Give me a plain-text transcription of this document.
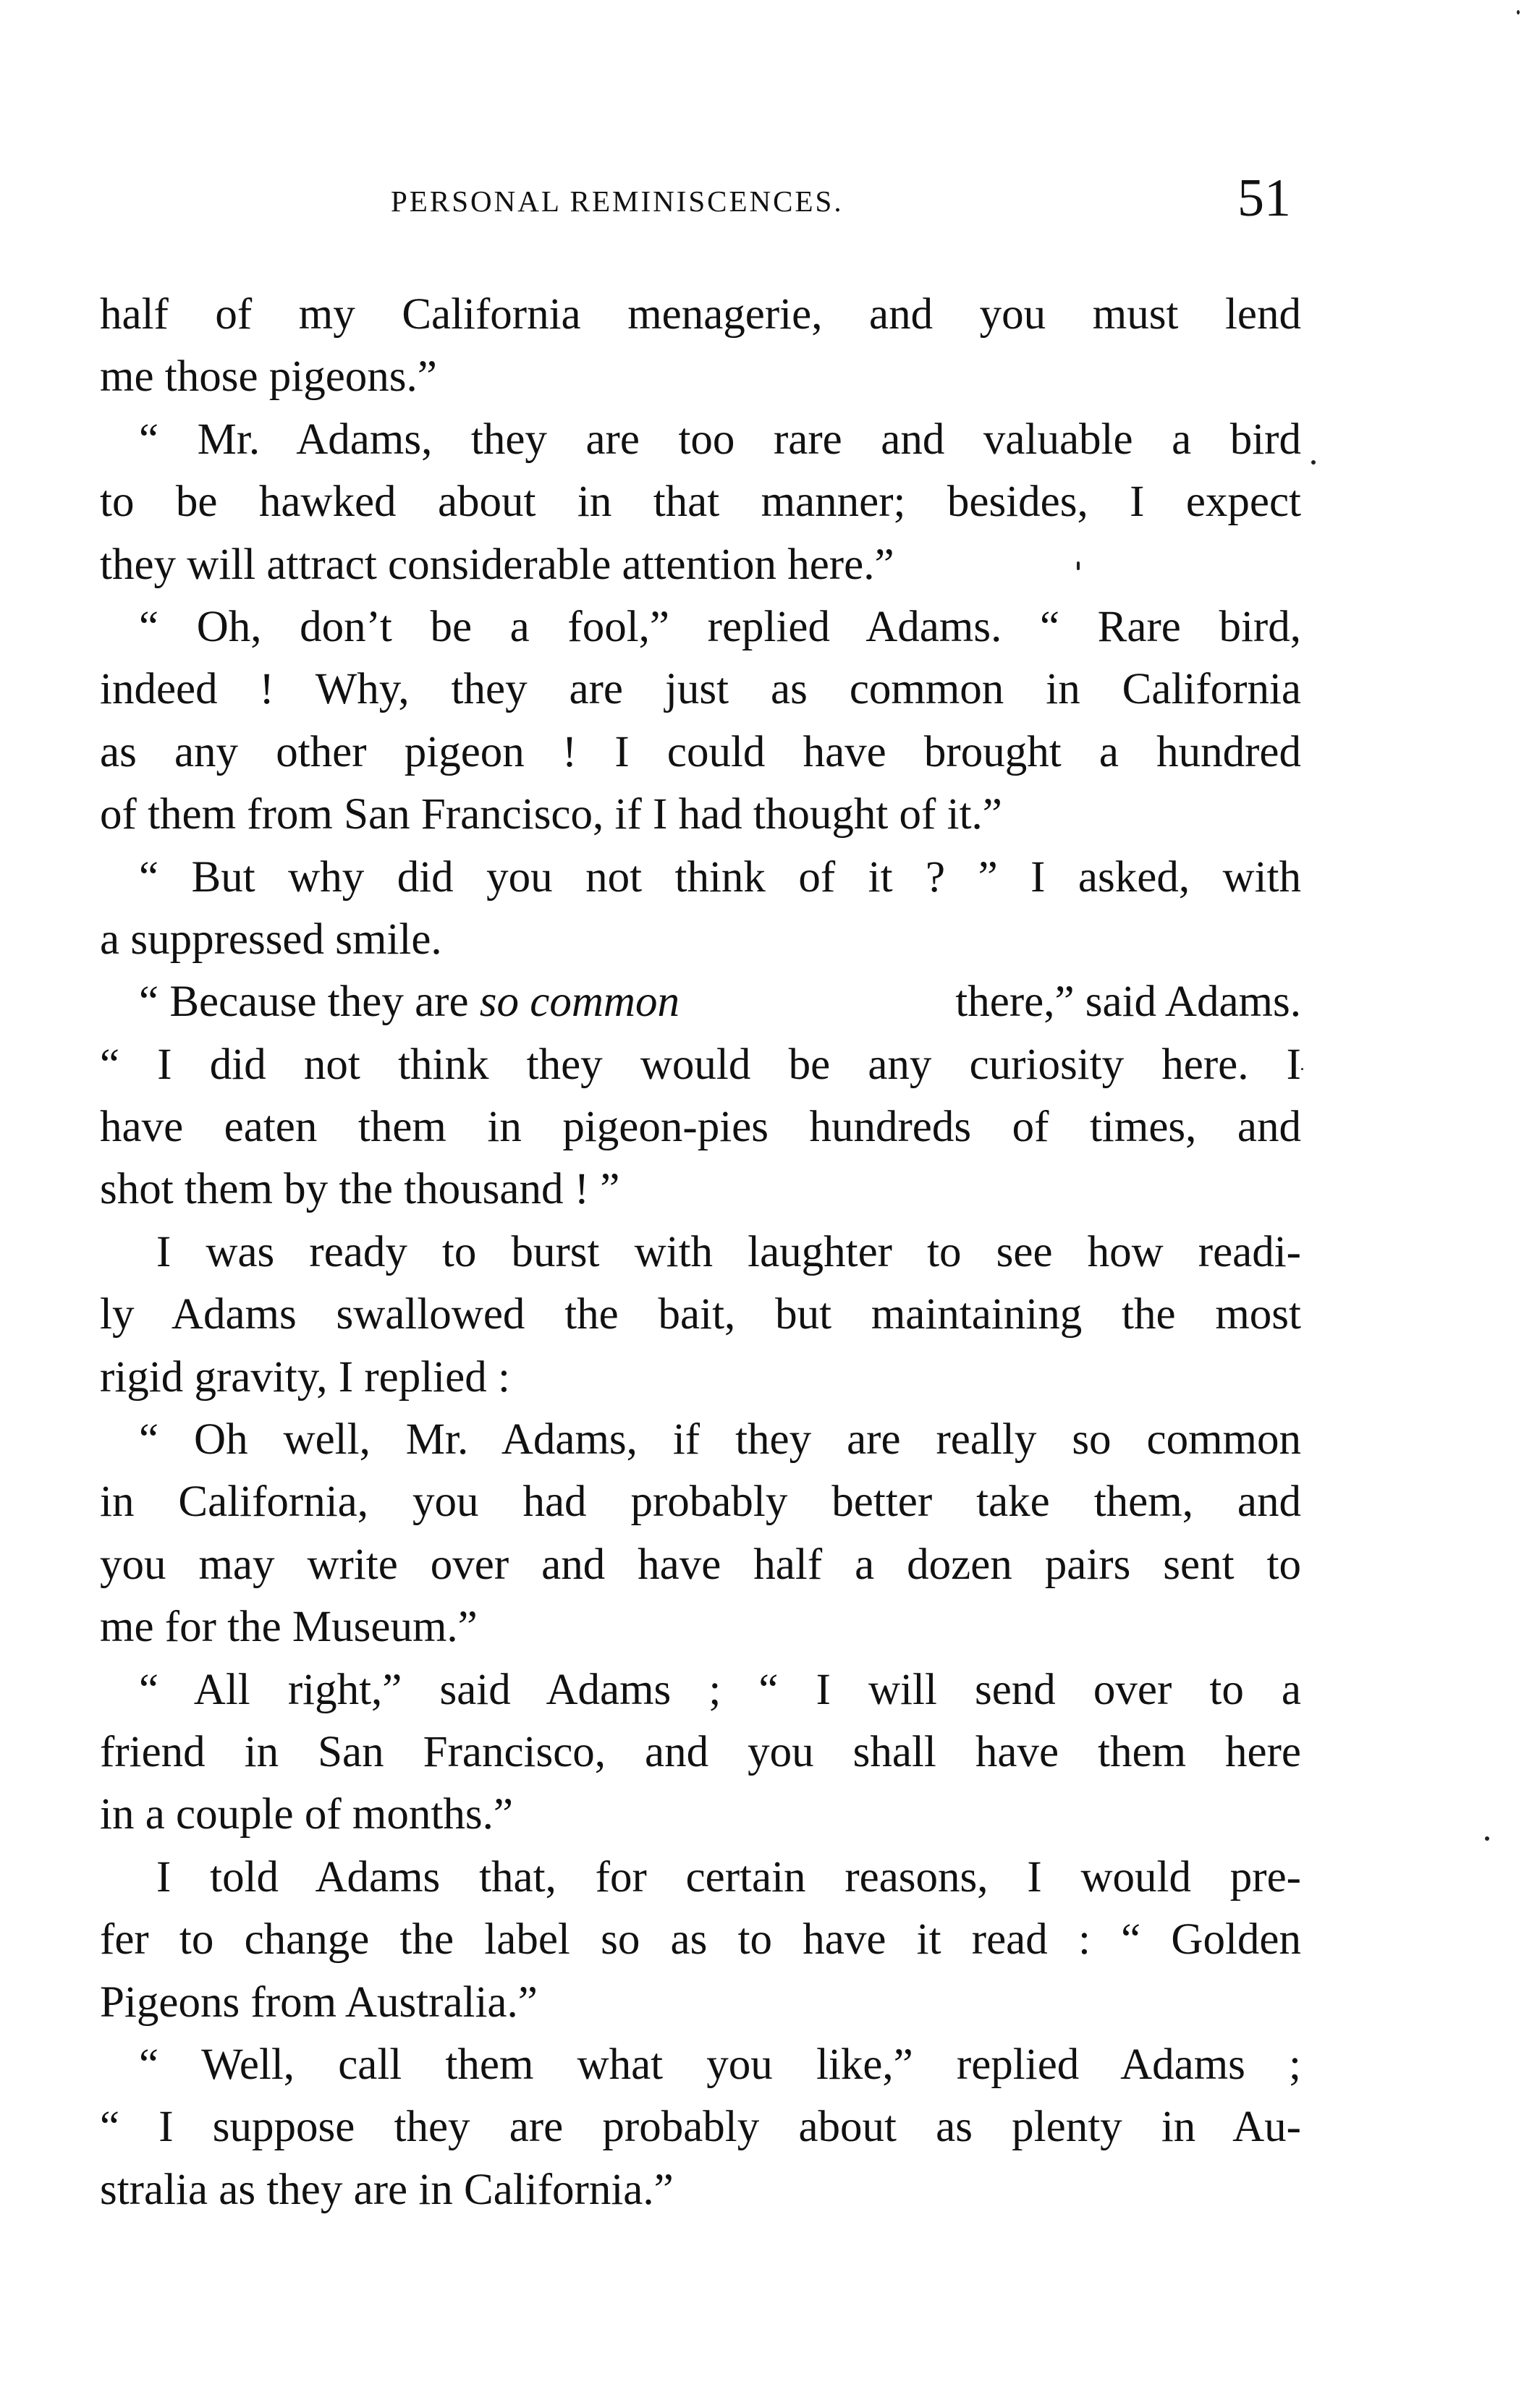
PERSONAL REMINISCENCES.	51
half of my California menagerie, and you must lend
me those pigeons.”
“ Mr. Adams, they are too rare and valuable a bird
to be hawked about in that manner; besides, I expect
they will attract considerable attention here.”
“ Oh, don’t be a fool,” replied Adams. “ Rare bird,
indeed ! Why, they are just as common in California
as any other pigeon ! I could have brought a hundred
of them from San Francisco, if I had thought of it.”
“ But why did you not think of it ? ” I asked, with
a suppressed smile.
“ Because they are so common	there,” said Adams.
“ I did not think they would be any curiosity here. I
have eaten them in pigeon-pies hundreds of times, and
shot them by the thousand ! ”
I was ready to burst with laughter to see how readi-
ly Adams swallowed the bait, but maintaining the most
rigid gravity, I replied :
“ Oh well, Mr. Adams, if they are really so common
in California, you had probably better take them, and
you may write over and have half a dozen pairs sent to
me for the Museum.”
“ All right,” said Adams ; “ I will send over to a
friend in San Francisco, and you shall have them here
in a couple of months.”
I told Adams that, for certain reasons, I would pre-
fer to change the label so as to have it read : “ Golden
Pigeons from Australia.”
“ Well, call them what you like,” replied Adams ;
“ I suppose they are probably about as plenty in Au-
stralia as they are in California.”
